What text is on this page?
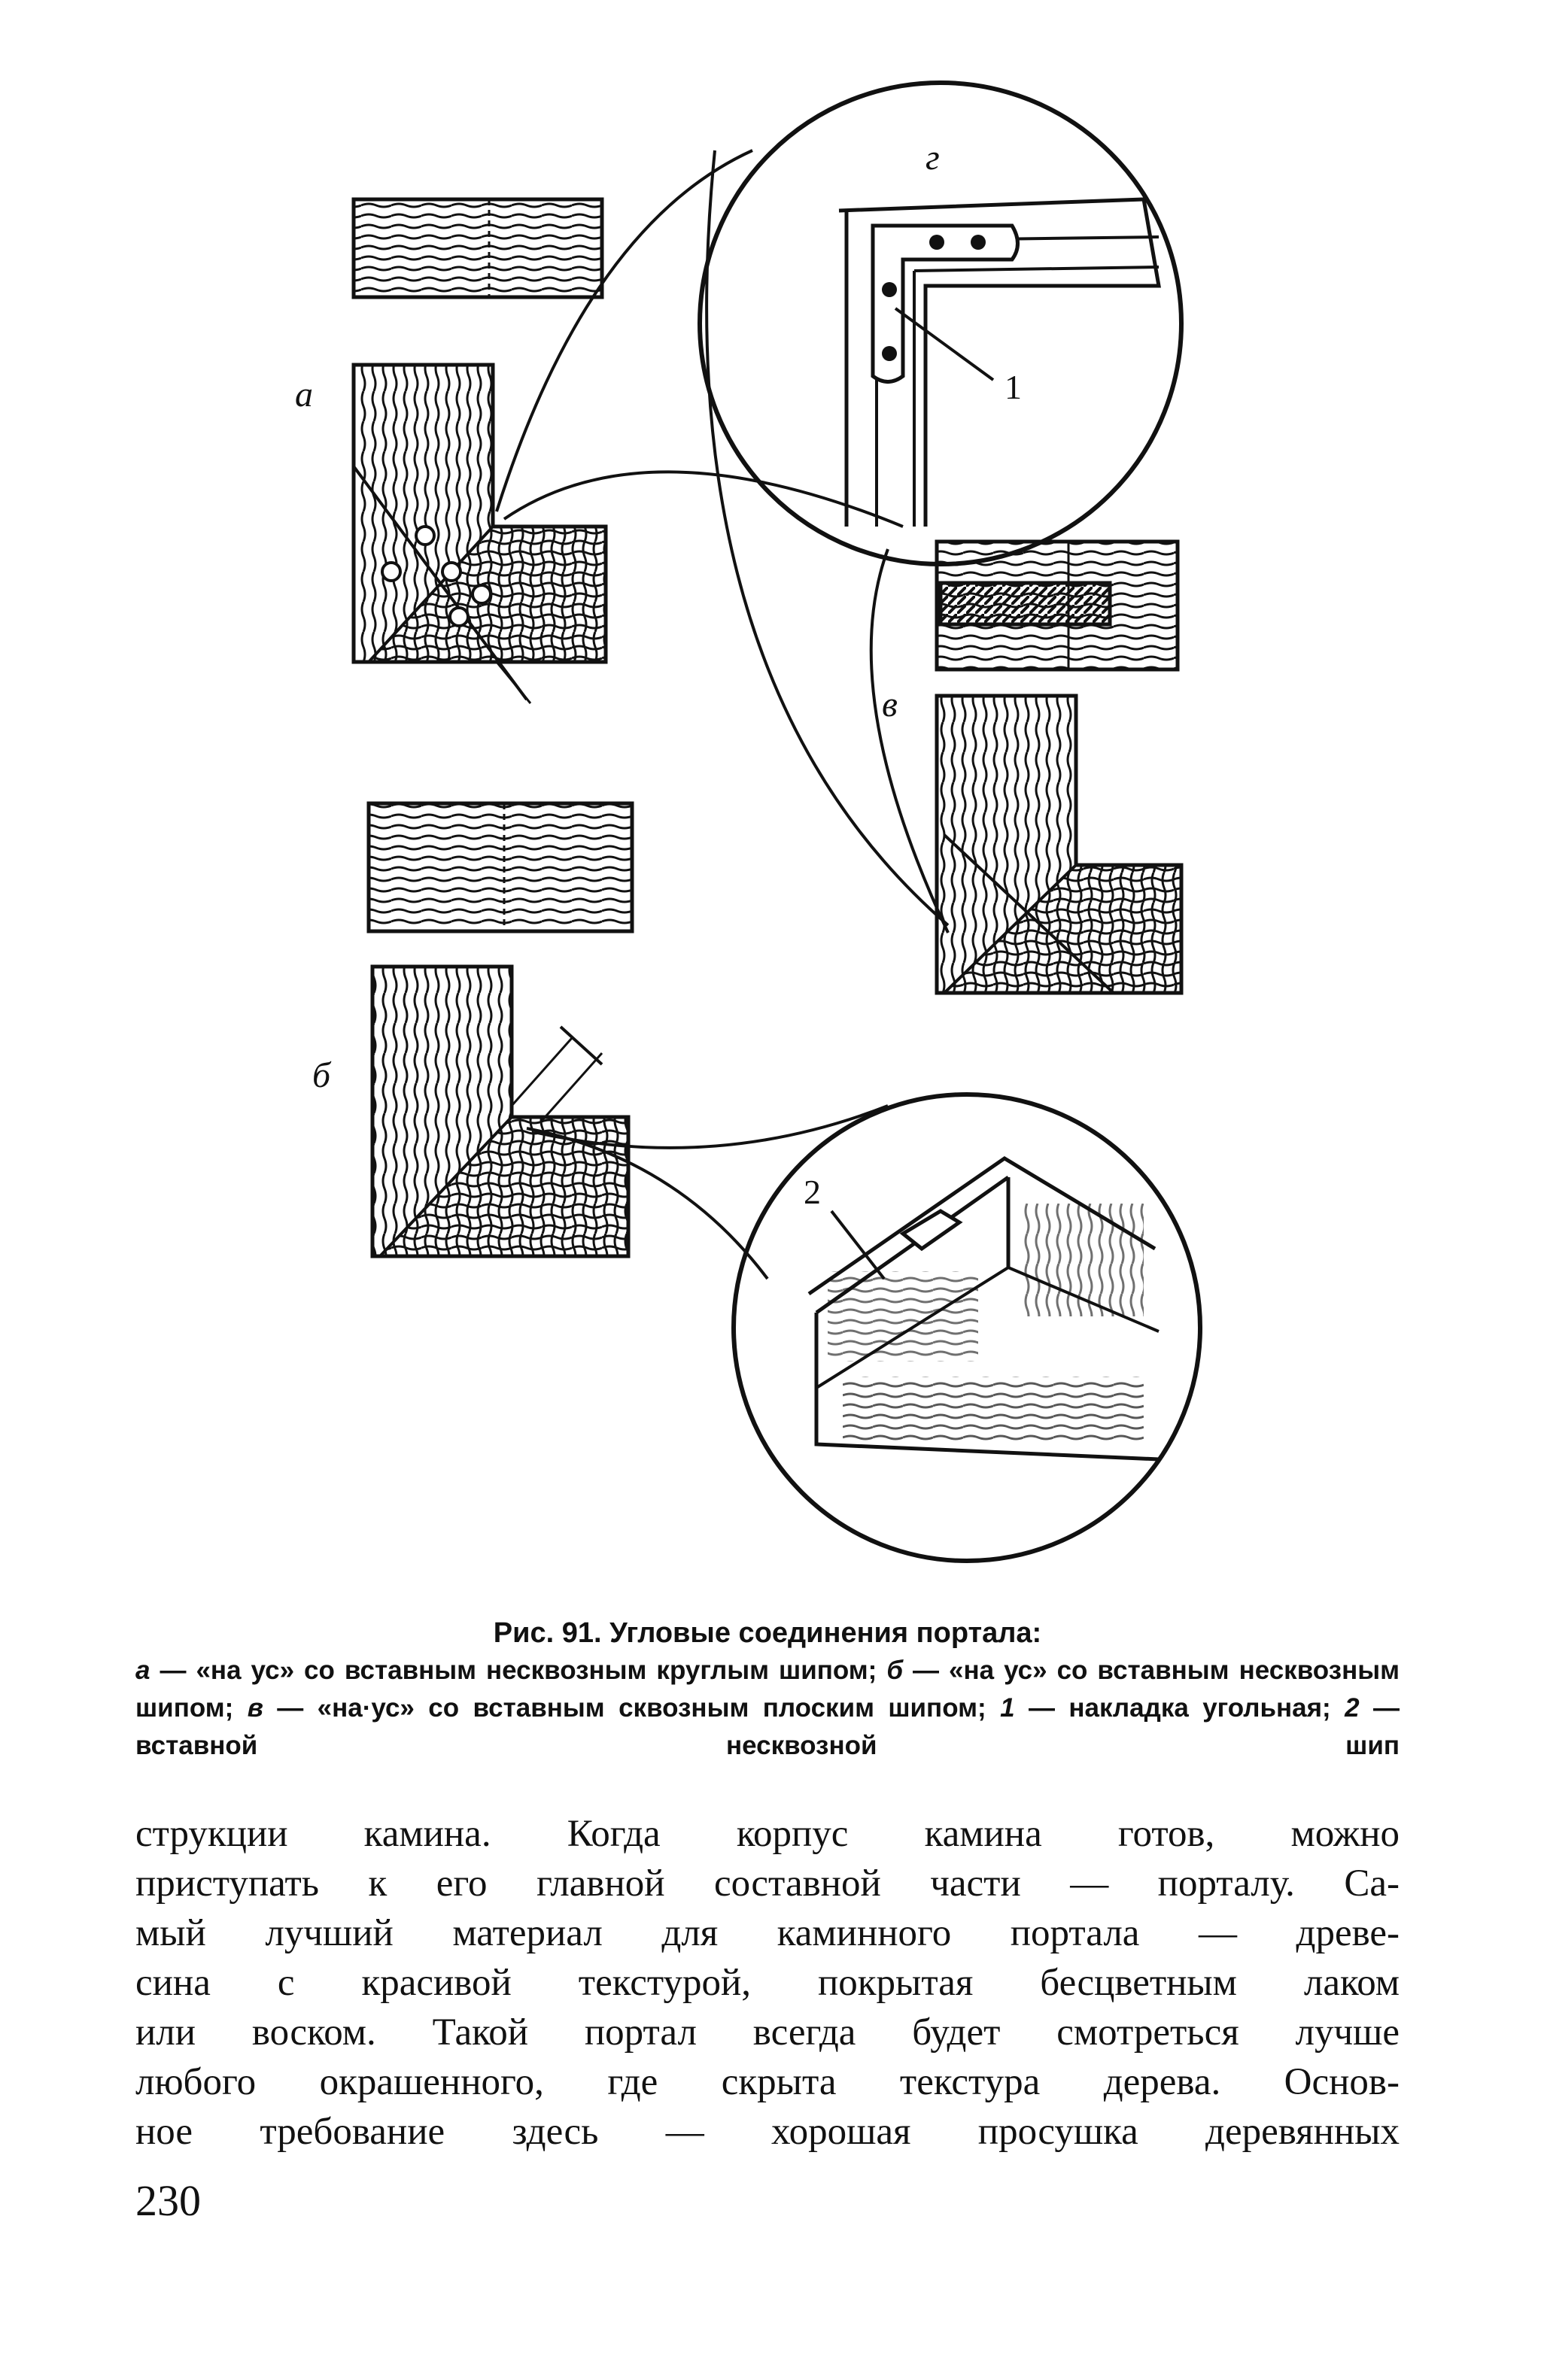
а
г
1
в
б
2

Рис. 91. Угловые соединения портала:

а — «на ус» со вставным несквозным круглым шипом; б — «на ус» со вставным несквозным шипом; в — «на·ус» со вставным сквозным плоским шипом; 1 — накладка угольная; 2 — вставной несквозной шип

струкции камина. Когда корпус камина готов, можно
приступать к его главной составной части — порталу. Са-
мый лучший материал для каминного портала — древе-
сина с красивой текстурой, покрытая бесцветным лаком
или воском. Такой портал всегда будет смотреться лучше
любого окрашенного, где скрыта текстура дерева. Основ-
ное требование здесь — хорошая просушка деревянных
230
